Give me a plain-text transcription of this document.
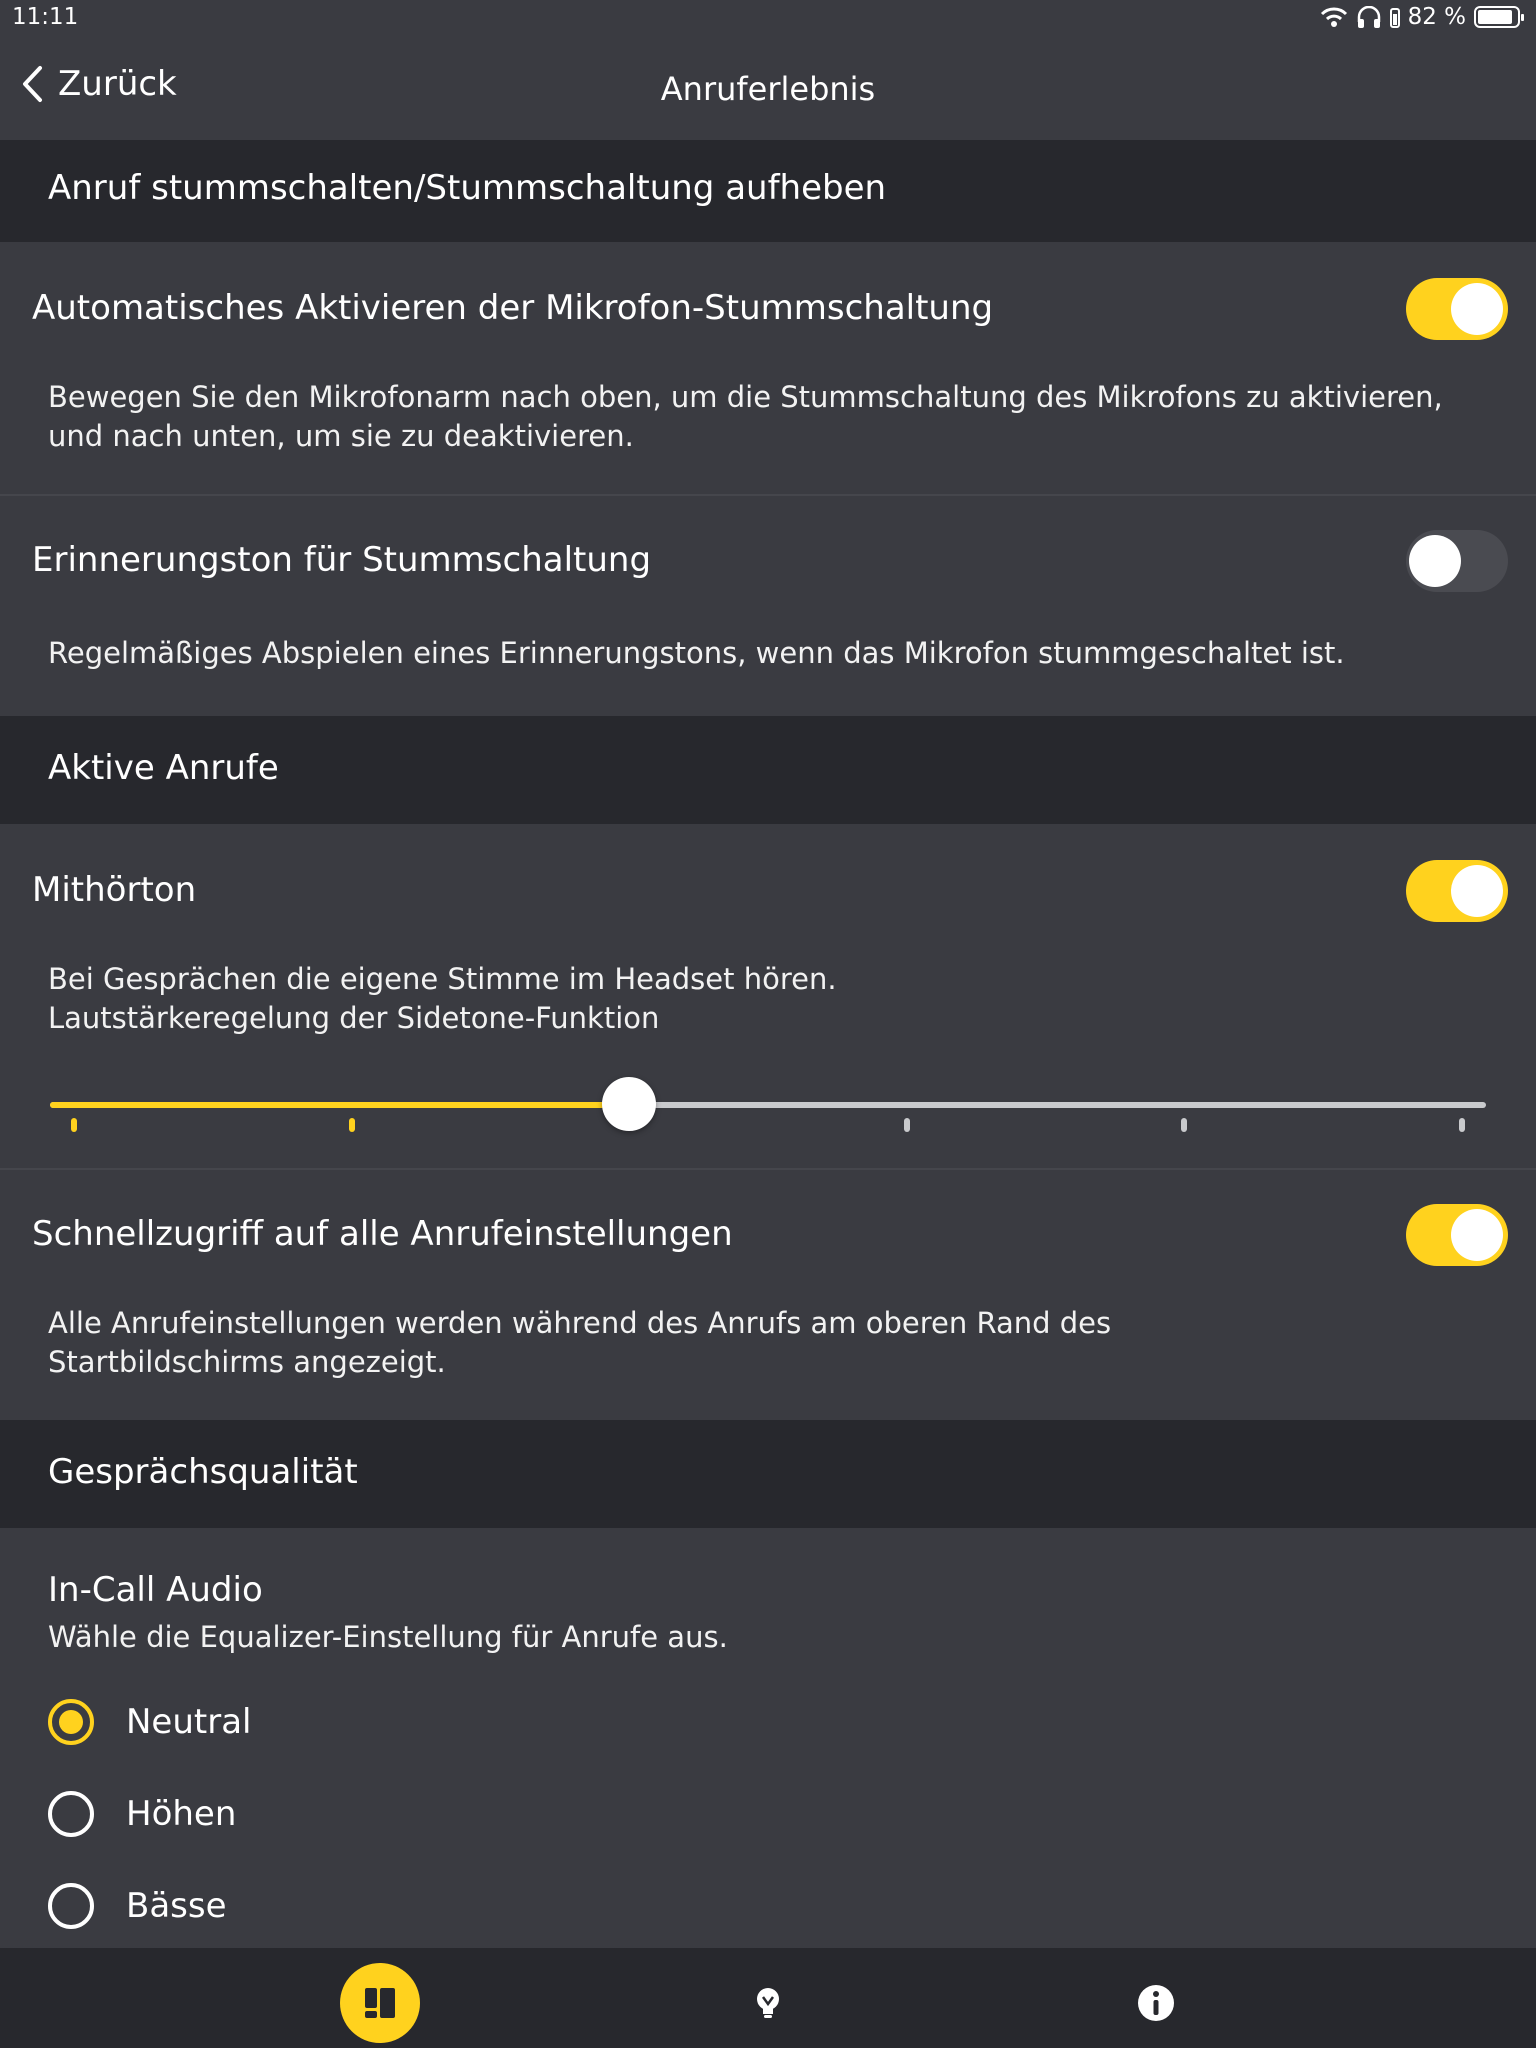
11:11	82 %
Zurück	Anruferlebnis
Anruf stummschalten/Stummschaltung aufheben
Automatisches Aktivieren der Mikrofon-Stummschaltung
Bewegen Sie den Mikrofonarm nach oben, um die Stummschaltung des Mikrofons zu aktivieren,
und nach unten, um sie zu deaktivieren.
Erinnerungston für Stummschaltung
Regelmäßiges Abspielen eines Erinnerungstons, wenn das Mikrofon stummgeschaltet ist.
Aktive Anrufe
Mithörton
Bei Gesprächen die eigene Stimme im Headset hören.
Lautstärkeregelung der Sidetone-Funktion
Schnellzugriff auf alle Anrufeinstellungen
Alle Anrufeinstellungen werden während des Anrufs am oberen Rand des
Startbildschirms angezeigt.
Gesprächsqualität
In-Call Audio
Wähle die Equalizer-Einstellung für Anrufe aus.
Neutral
Höhen
Bässe
